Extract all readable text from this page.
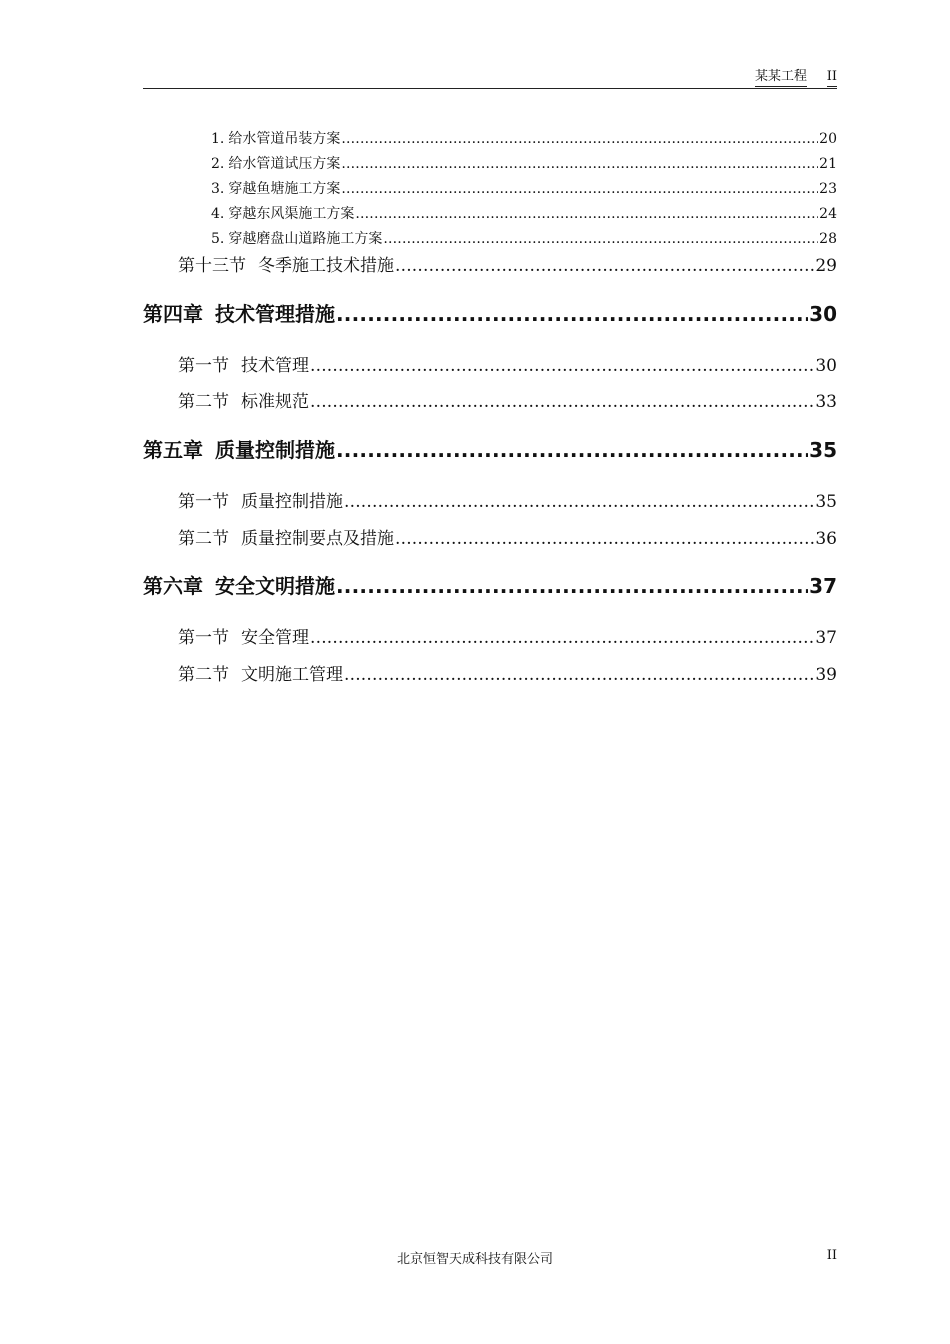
某某工程 II
1. 给水管道吊装方案 .....	20
2. 给水管道试压方案 .....	21
3. 穿越鱼塘施工方案 .....	23
4. 穿越东风渠施工方案 .....	24
5. 穿越磨盘山道路施工方案 .....	28
第十三节 冬季施工技术措施 .....	29
第四章 技术管理措施 .....	30
第一节 技术管理 .....	30
第二节 标准规范 .....	33
第五章 质量控制措施 .....	35
第一节 质量控制措施 .....	35
第二节 质量控制要点及措施 .....	36
第六章 安全文明措施 .....	37
第一节 安全管理 .....	37
第二节 文明施工管理 .....	39
北京恒智天成科技有限公司	II
